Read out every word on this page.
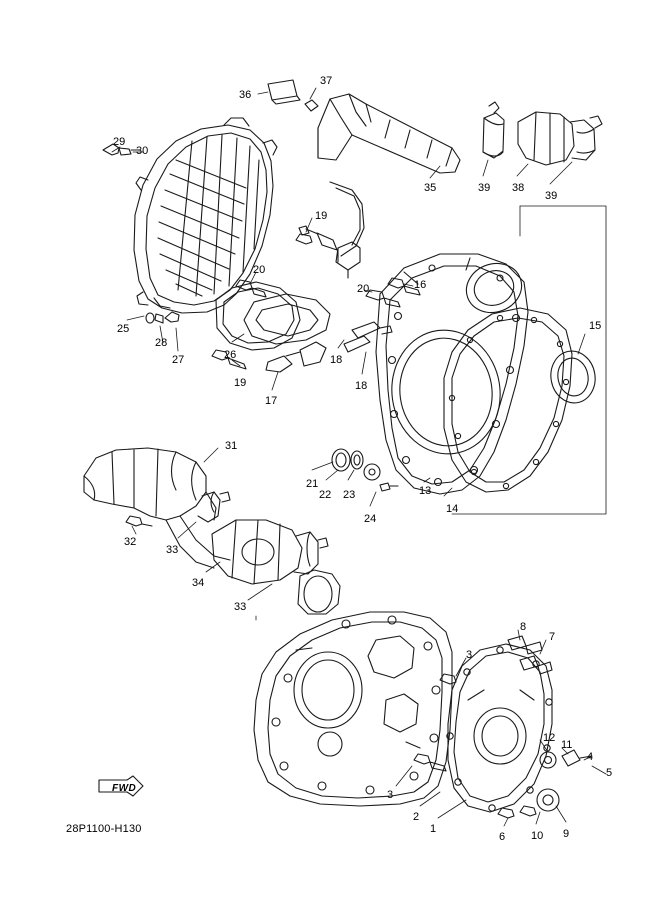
FWD
28P1100-H130
37
36
29
30
35	39 38
39
19
20
16
20
25
28
27	26	18
15
19	18
17
13
14
21
22 23
24
31
32
33
34
33
8
7
3
12
11
4
5
3
2
1
6 10 9
